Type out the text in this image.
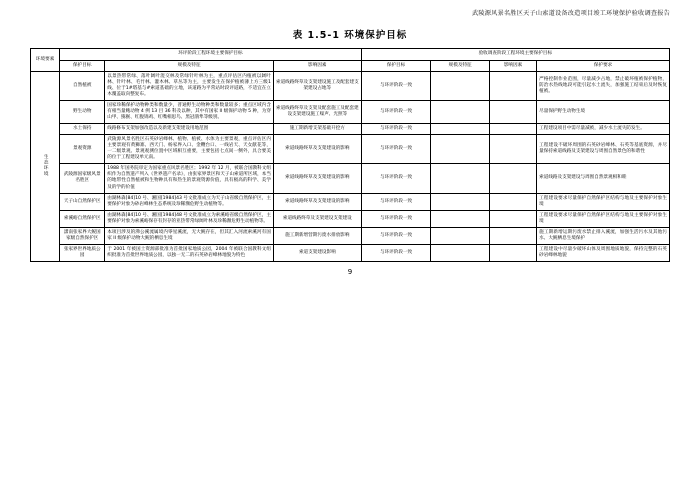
武陵源风景名胜区天子山索道设备改造项目竣工环境保护验收调查报告
表 1.5-1 环境保护目标
环境要素	环评阶段工程环境主要保护目标			验收调查阶段工程环境主要保护目标			
	保护目标	规模及特征	影响因素	保护目标	规模及特征	影响因素	保护要求
生态环境	自然植被	以景热带常绿、落叶阔叶混交林及常绿针叶林为主，重点评估区内植被以阔叶林、针叶林、毛竹林、灌木林、草丛等为主，主要发生在保护植被薄上方三级1线、位于1#塔基与#索道基础的立地，该道路为平常站时段评道路，不适宜在立木覆盖取向整复布。	索道线路终草及支架建设施工及配套建支架建设占地等	与环评阶段一致			严格控制作业范围，尽量减少占地，禁止破坏植被保护植物，防治水热线地段可能引起水土流失，加强施工结束后及时恢复植被。
	野生动物	国家珍稀保护动物种类和数量少，普通野生动物种类和数量较多；重点区域内含有相当量鲍动物 4 例 13 目 36 科及以种，其中有国家 II 级保护动物 5 种，为穿山甲、猕猴、红腹锦鸡、红嘴相思鸟、黑冠鹃隼等级别。	索道线路终草及支架及配套施工及配套建设支架建设施工噪声、光照等	与环评阶段一致			尽量保护野生动物生境
	水土保持	线路修布支架加强改造以及新建支架建设用地范围	施工期新增支架基础开挖方	与环评阶段一致			工程建设项目中需尽量减被，减少水土流失防发生。
	景观资源	武陵源风景名胜区石英砂岩峰林、植物、植被、水体为主要景观，重点评估区内主要景观有黄狮寨、西天门、杨家界入口、金鞭台口、一线岩天、天女献花等，一二级景观、景观观测位置中区域相互重要，主要包括七点间一侧外，具合要美的位于工程建设单元南。	索道线路终草及支架建设的影响	与环评阶段一致			工程建设不破坏周围的石英砂岩峰林、石英等基底资源，并尽量保持索道线路及支架建设与周围自然景色的和谐性
	武陵源国家级风景名胜区	1988 年国务院审定为国家重点风景名胜区；1992 年 12 月，被联合国教科文组织作为自然遗产列入《世界遗产名录》，由张家界景区和天子山索道所区域，本当的地带性自然植被和生物种具有和热生的景观资源价值，具有极高的科学、美学及的学的价值	索道线路终草及支架建设的影响	与环评阶段一致			索道线路及支架建设与周围自然景观相和睦
	天子山自然保护区	由湖林森[84]10 号、湘国[1984]43 号文批准成立为天子山省级自然保护区，主要保护对象为砂岩峰林生态系统及珍稀濒危野生动植物等。	索道线路终草及支架建设的影响	与环评阶段一致			工程建设要求尽量保护自然保护区结构与地及主要保护对象生境
	索溪峪自然保护区	由湖林森[84]10 号、湘国[1984]48 号文批准成立为索溪峪省级自然保护区，主要保护对象为索溪峪保存有封存的亚热带常绿阔叶林及珍稀濒危野生动植物等。	索道线路终草及支架建设支架建设	与环评阶段一致			工程建设要求尽量保护自然保护区结构与地及主要保护对象生境
	潇南张家界大鲵国家级自然保护区	本项目涉及的沸公溪流属境内零星溪流，无大鲵存在，但其汇入河流索溪河有国家 II 级保护动物大鲵的栖息生境	施工期新增营期污废水排放影响	与环评阶段一致			施工期新增运期污废水禁止排入溪流，加强生活污水及其他污水、大鲵栖息生境保护
	张家界世界地质公园	于 2001 年被国土资源部批准为首批国家地质公园，2004 年被联合国教科文组织批准为首批世界地质公园，以独一无二的石英砂岩峰林地貌为特色	索道支架建设影响	与环评阶段一致			工程建设中尽量少破坏山体及周围地质地貌，保持完整的石英砂岩峰林地貌
9
